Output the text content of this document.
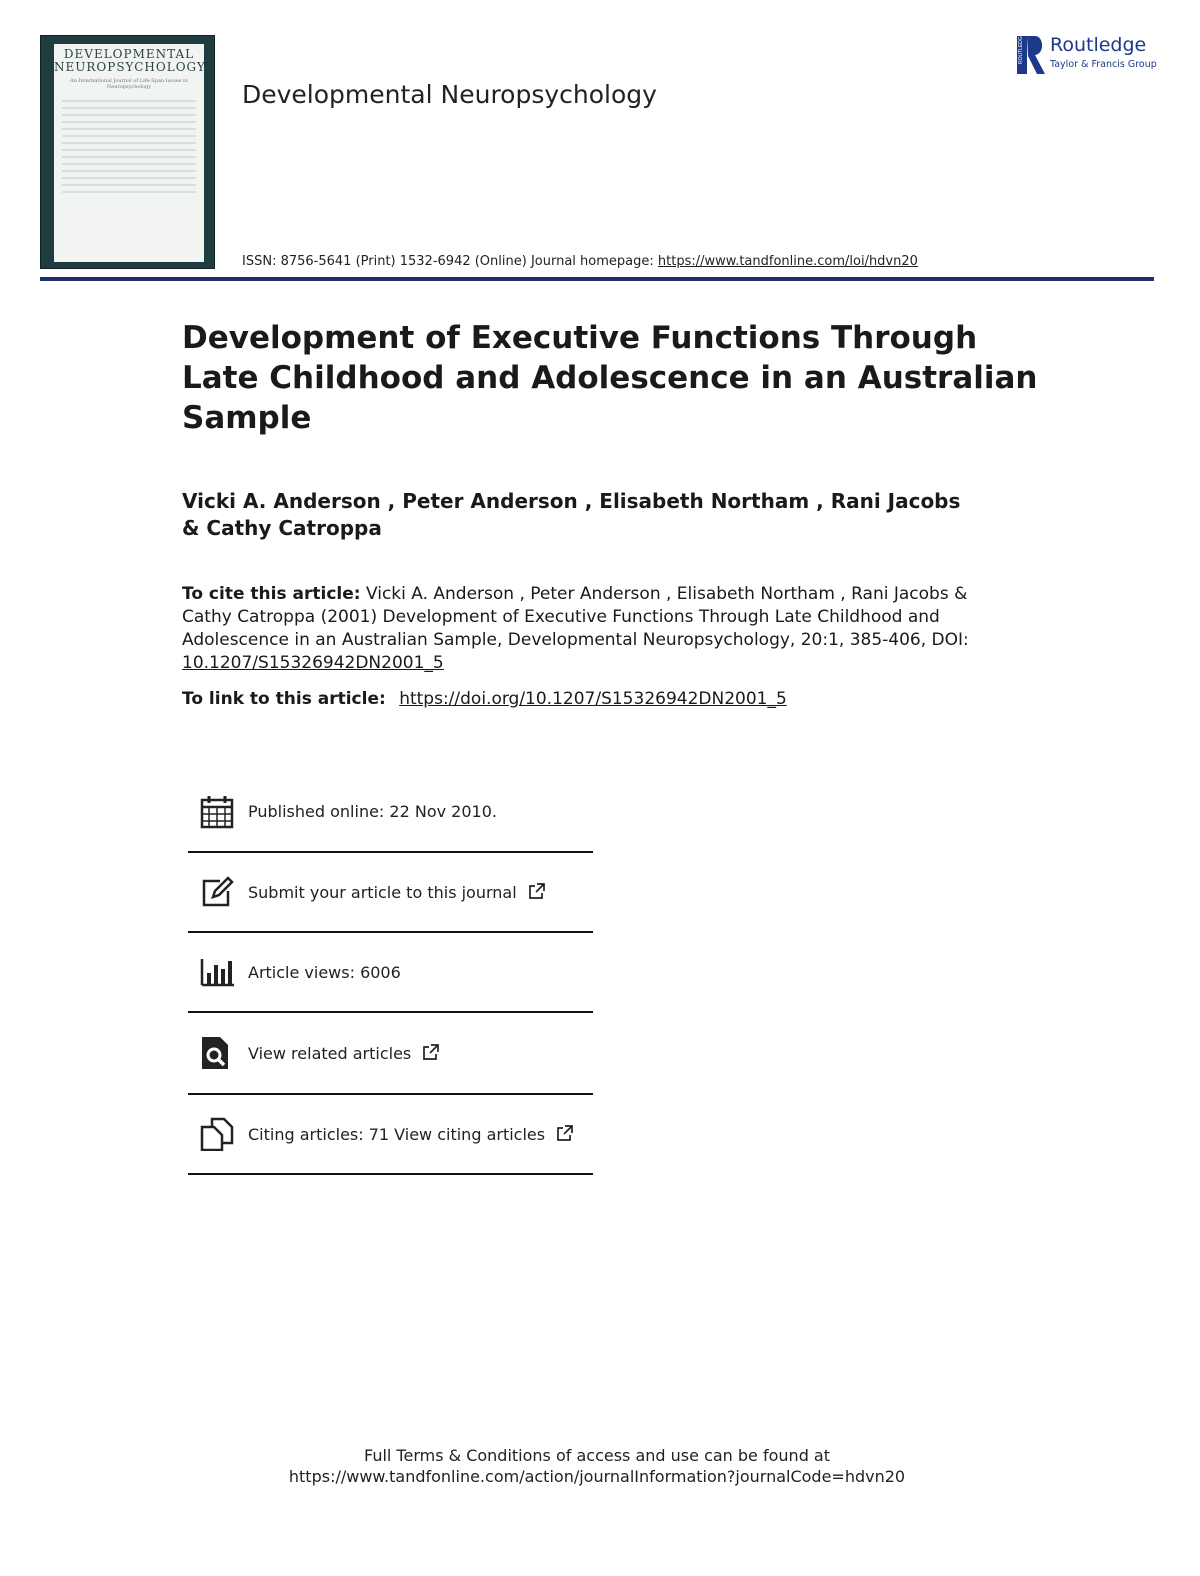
DEVELOPMENTAL
NEUROPSYCHOLOGY
An International Journal of Life-Span Issues in Neuropsychology	Developmental Neuropsychology
ISSN: 8756-5641 (Print) 1532-6942 (Online) Journal homepage: https://www.tandfonline.com/loi/hdvn20
ROUTLEDGE Routledge
Taylor & Francis Group
Development of Executive Functions Through Late Childhood and Adolescence in an Australian Sample
Vicki A. Anderson , Peter Anderson , Elisabeth Northam , Rani Jacobs & Cathy Catroppa
To cite this article: Vicki A. Anderson , Peter Anderson , Elisabeth Northam , Rani Jacobs & Cathy Catroppa (2001) Development of Executive Functions Through Late Childhood and Adolescence in an Australian Sample, Developmental Neuropsychology, 20:1, 385-406, DOI: 10.1207/S15326942DN2001_5
To link to this article: https://doi.org/10.1207/S15326942DN2001_5
Published online: 22 Nov 2010.
Submit your article to this journal
Article views: 6006
View related articles
Citing articles: 71 View citing articles
Full Terms & Conditions of access and use can be found at
https://www.tandfonline.com/action/journalInformation?journalCode=hdvn20
